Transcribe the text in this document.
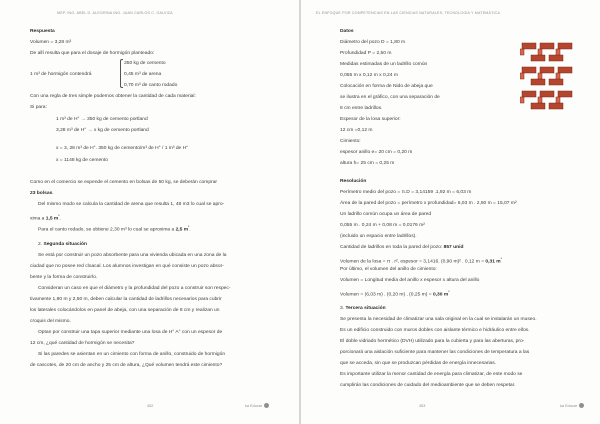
MEP. ING. ABEL D. ALEGRINA ING. JUAN CARLOS C. GALVIZA
Respuesta
Volumen = 3,28 m³
De allí resulta que para el dosaje de hormigón planteado:
350 kg de cemento
1 m³ de hormigón contendrá	0,45 m³ de arena
0,70 m³ de canto rodado
Con una regla de tres simple podemos obtener la cantidad de cada material:
Si para:
1 m³ de H° → 350 kg de cemento portland
3,28 m³ de H° → x kg de cemento portland
x = 3, 28 m³ de H°. 350 kg de cemento/m³ de H° / 1 m³ de H°
x = 1148 kg de cemento
Como en el comercio se expende el cemento en bolsas de 50 kg, se deberán comprar
23 bolsas.
Del mismo modo se calcula la cantidad de arena que resulta 1, 48 m3 lo cual se apro-
xima a 1,5 $m^{^3}$.
Para el canto rodado, se obtiene 2,30 m³ lo cual se aproxima a 2,5 $m^{^3}$.
2. Segunda situación
Se está por construir un pozo absorbente para una vivienda ubicada en una zona de la
ciudad que no posee red cloacal. Los alumnos investigan en qué consiste un pozo absor-
bente y la forma de construirlo.
Consideran un caso en que el diámetro y la profundidad del pozo a construir son respec-
tivamente 1,80 m y 2,50 m, deben calcular la cantidad de ladrillos necesarios para cubrir
los laterales colocándolos en panel de abeja, con una separación de 8 cm y realizan un
croquis del mismo.
Optan por construir una tapa superior mediante una losa de H° A° con un espesor de
12 cm, ¿qué cantidad de hormigón se necesita?
Si las paredes se asientan en un cimiento con forma de anillo, construido de hormigón
de cascotes, de 20 cm de ancho y 25 cm de altura, ¿Qué volumen tendrá este cimiento?
452	ka Educar
EL ENFOQUE POR COMPETENCIAS EN LAS CIENCIAS NATURALES, TECNOLOGÍA Y MATEMÁTICA
Datos
Diámetro del pozo D = 1,80 m
Profundidad P = 2,50 m
Medidas estimadas de un ladrillo común
0,055 m x 0,12 m x 0,24 m
Colocación en forma de Nido de abeja que
se ilustra en el gráfico, con una separación de
8 cm entre ladrillos.
Espesor de la losa superior:
12 cm =0,12 m
Cimiento:
espesor anillo e= 20 cm = 0,20 m
altura h= 25 cm = 0,25 m
Resolución
Perímetro medio del pozo = π.D = 3,14159 .1,92 m = 6,03 m
Área de la pared del pozo = perímetro x profundidad= 6,03 m . 2,50 m = 15,07 m²
Un ladrillo común ocupa un área de pared
0,055 m . 0,24 m + 0,08 m = 0,0176 m²
(incluido un espacio entre ladrillos).
Cantidad de ladrillos en toda la pared del pozo: 857 unid
Volumen de la losa = π . r², espesor = 3,1416. (0,90 m)² . 0,12 m = 0,31 $m^{^3}$
Por último, el volumen del anillo de cimiento:
Volumen = Longitud media del anillo x espesor x altura del anillo
Volumen = (6,03 m) . (0,20 m) . (0,25 m) = 0,30 $m^{^3}$
3. Tercera situación
Se presenta la necesidad de climatizar una sala original en la cual se instalarán un museo.
Es un edificio construido con muros dobles con aislante térmico e hidráulico entre ellos.
El doble vidriado hermético (DVH) utilizado para la cubierta y para las aberturas, pro-
porcionará una aislación suficiente para mantener las condiciones de temperatura a las
que se acceda, sin que se produzcan pérdidas de energía innecesarias.
Es importante utilizar la menor cantidad de energía para climatizar, de este modo se
cumplirán las condiciones de cuidado del medioambiente que se deben respetar.
453	ka Educar
